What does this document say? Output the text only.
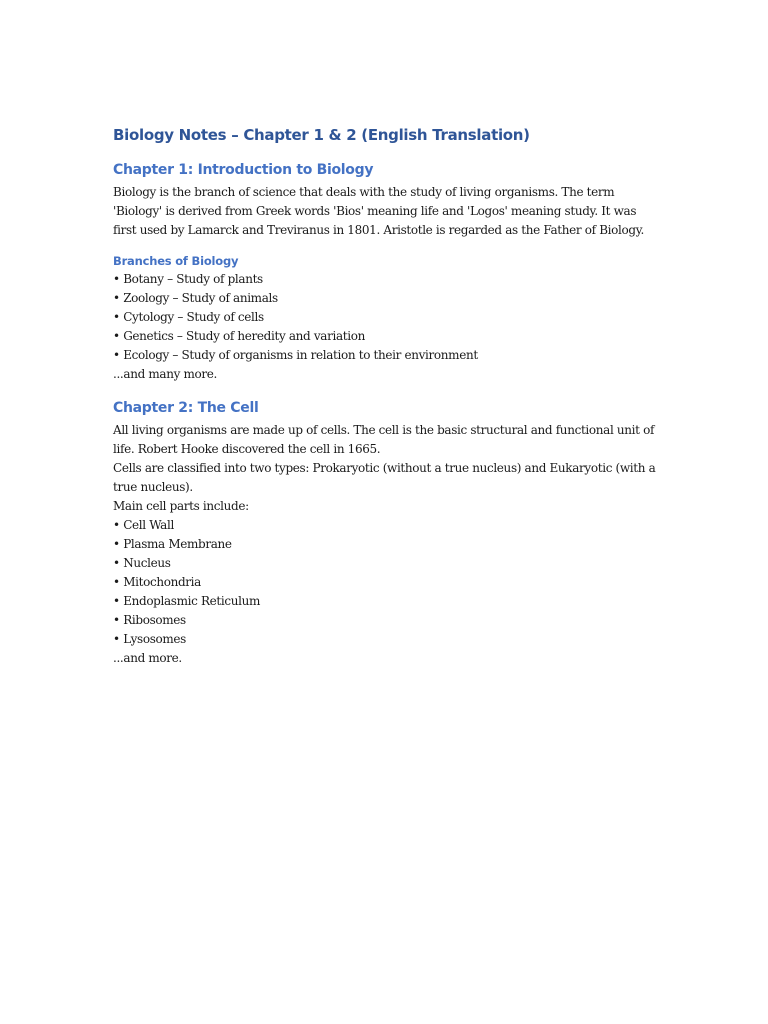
Biology Notes – Chapter 1 & 2 (English Translation)
Chapter 1: Introduction to Biology

Biology is the branch of science that deals with the study of living organisms. The term 'Biology' is derived from Greek words 'Bios' meaning life and 'Logos' meaning study. It was first used by Lamarck and Treviranus in 1801. Aristotle is regarded as the Father of Biology.

Branches of Biology
• Botany – Study of plants
• Zoology – Study of animals
• Cytology – Study of cells
• Genetics – Study of heredity and variation
• Ecology – Study of organisms in relation to their environment

...and many more.

Chapter 2: The Cell

All living organisms are made up of cells. The cell is the basic structural and functional unit of life. Robert Hooke discovered the cell in 1665.

Cells are classified into two types: Prokaryotic (without a true nucleus) and Eukaryotic (with a true nucleus).

Main cell parts include:

• Cell Wall
• Plasma Membrane
• Nucleus
• Mitochondria
• Endoplasmic Reticulum
• Ribosomes
• Lysosomes

...and more.
